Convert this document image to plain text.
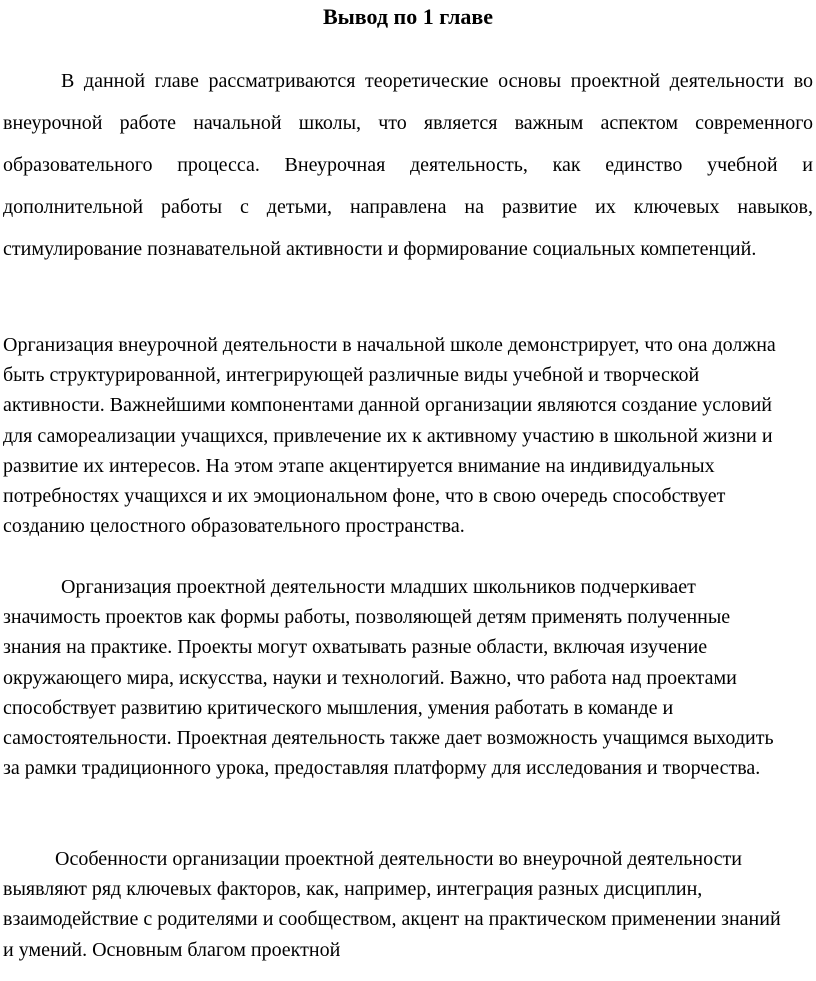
Вывод по 1 главе

В данной главе рассматриваются теоретические основы проектной деятельности во внеурочной работе начальной школы, что является важным аспектом современного образовательного процесса. Внеурочная деятельность, как единство учебной и дополнительной работы с детьми, направлена на развитие их ключевых навыков, стимулирование познавательной активности и формирование социальных компетенций.

Организация внеурочной деятельности в начальной школе демонстрирует, что она должна быть структурированной, интегрирующей различные виды учебной и творческой активности. Важнейшими компонентами данной организации являются создание условий для самореализации учащихся, привлечение их к активному участию в школьной жизни и развитие их интересов. На этом этапе акцентируется внимание на индивидуальных потребностях учащихся и их эмоциональном фоне, что в свою очередь способствует созданию целостного образовательного пространства.

Организация проектной деятельности младших школьников подчеркивает значимость проектов как формы работы, позволяющей детям применять полученные знания на практике. Проекты могут охватывать разные области, включая изучение окружающего мира, искусства, науки и технологий. Важно, что работа над проектами способствует развитию критического мышления, умения работать в команде и самостоятельности. Проектная деятельность также дает возможность учащимся выходить за рамки традиционного урока, предоставляя платформу для исследования и творчества.

Особенности организации проектной деятельности во внеурочной деятельности выявляют ряд ключевых факторов, как, например, интеграция разных дисциплин, взаимодействие с родителями и сообществом, акцент на практическом применении знаний и умений. Основным благом проектной
